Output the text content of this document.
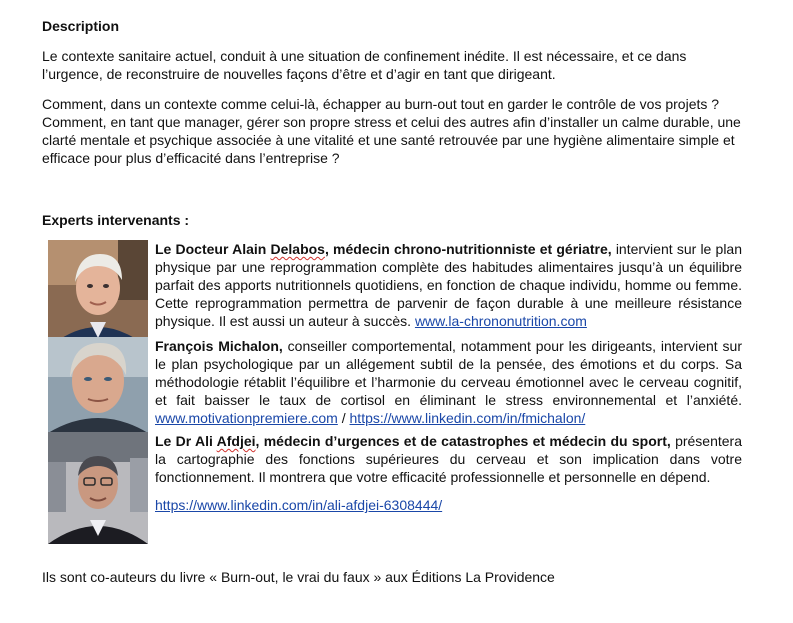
Description

Le contexte sanitaire actuel, conduit à une situation de confinement inédite. Il est nécessaire, et ce dans l’urgence, de reconstruire de nouvelles façons d’être et d’agir en tant que dirigeant.

Comment, dans un contexte comme celui-là, échapper au burn-out tout en garder le contrôle de vos projets ? Comment, en tant que manager, gérer son propre stress et celui des autres afin d’installer un calme durable, une clarté mentale et psychique associée à une vitalité et une santé retrouvée par une hygiène alimentaire simple et efficace pour plus d’efficacité dans l’entreprise ?

Experts intervenants :

Le Docteur Alain Delabos, médecin chrono-nutritionniste et gériatre, intervient sur le plan physique par une reprogrammation complète des habitudes alimentaires jusqu’à un équilibre parfait des apports nutritionnels quotidiens, en fonction de chaque individu, homme ou femme. Cette reprogrammation permettra de parvenir de façon durable à une meilleure résistance physique. Il est aussi un auteur à succès. www.la-chrononutrition.com

François Michalon, conseiller comportemental, notamment pour les dirigeants, intervient sur le plan psychologique par un allégement subtil de la pensée, des émotions et du corps. Sa méthodologie rétablit l’équilibre et l’harmonie du cerveau émotionnel avec le cerveau cognitif, et fait baisser le taux de cortisol en éliminant le stress environnemental et l’anxiété. www.motivationpremiere.com / https://www.linkedin.com/in/fmichalon/

Le Dr Ali Afdjei, médecin d’urgences et de catastrophes et médecin du sport, présentera la cartographie des fonctions supérieures du cerveau et son implication dans votre fonctionnement. Il montrera que votre efficacité professionnelle et personnelle en dépend.

https://www.linkedin.com/in/ali-afdjei-6308444/

Ils sont co-auteurs du livre « Burn-out, le vrai du faux » aux Éditions La Providence
